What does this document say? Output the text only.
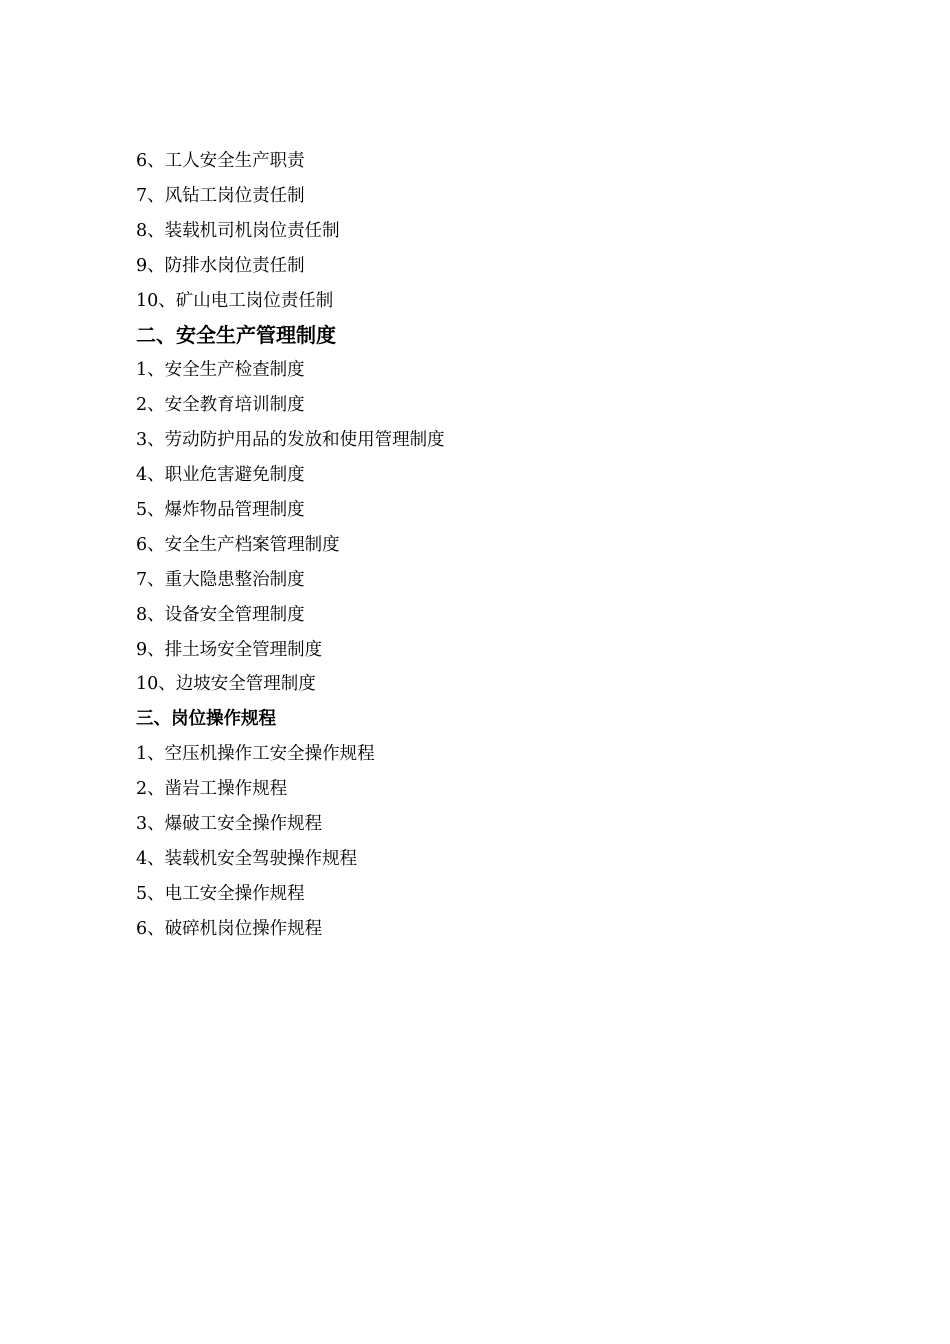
6、工人安全生产职责
7、风钻工岗位责任制
8、装载机司机岗位责任制
9、防排水岗位责任制
10、矿山电工岗位责任制
二、安全生产管理制度
1、安全生产检查制度
2、安全教育培训制度
3、劳动防护用品的发放和使用管理制度
4、职业危害避免制度
5、爆炸物品管理制度
6、安全生产档案管理制度
7、重大隐患整治制度
8、设备安全管理制度
9、排土场安全管理制度
10、边坡安全管理制度
三、岗位操作规程
1、空压机操作工安全操作规程
2、凿岩工操作规程
3、爆破工安全操作规程
4、装载机安全驾驶操作规程
5、电工安全操作规程
6、破碎机岗位操作规程
